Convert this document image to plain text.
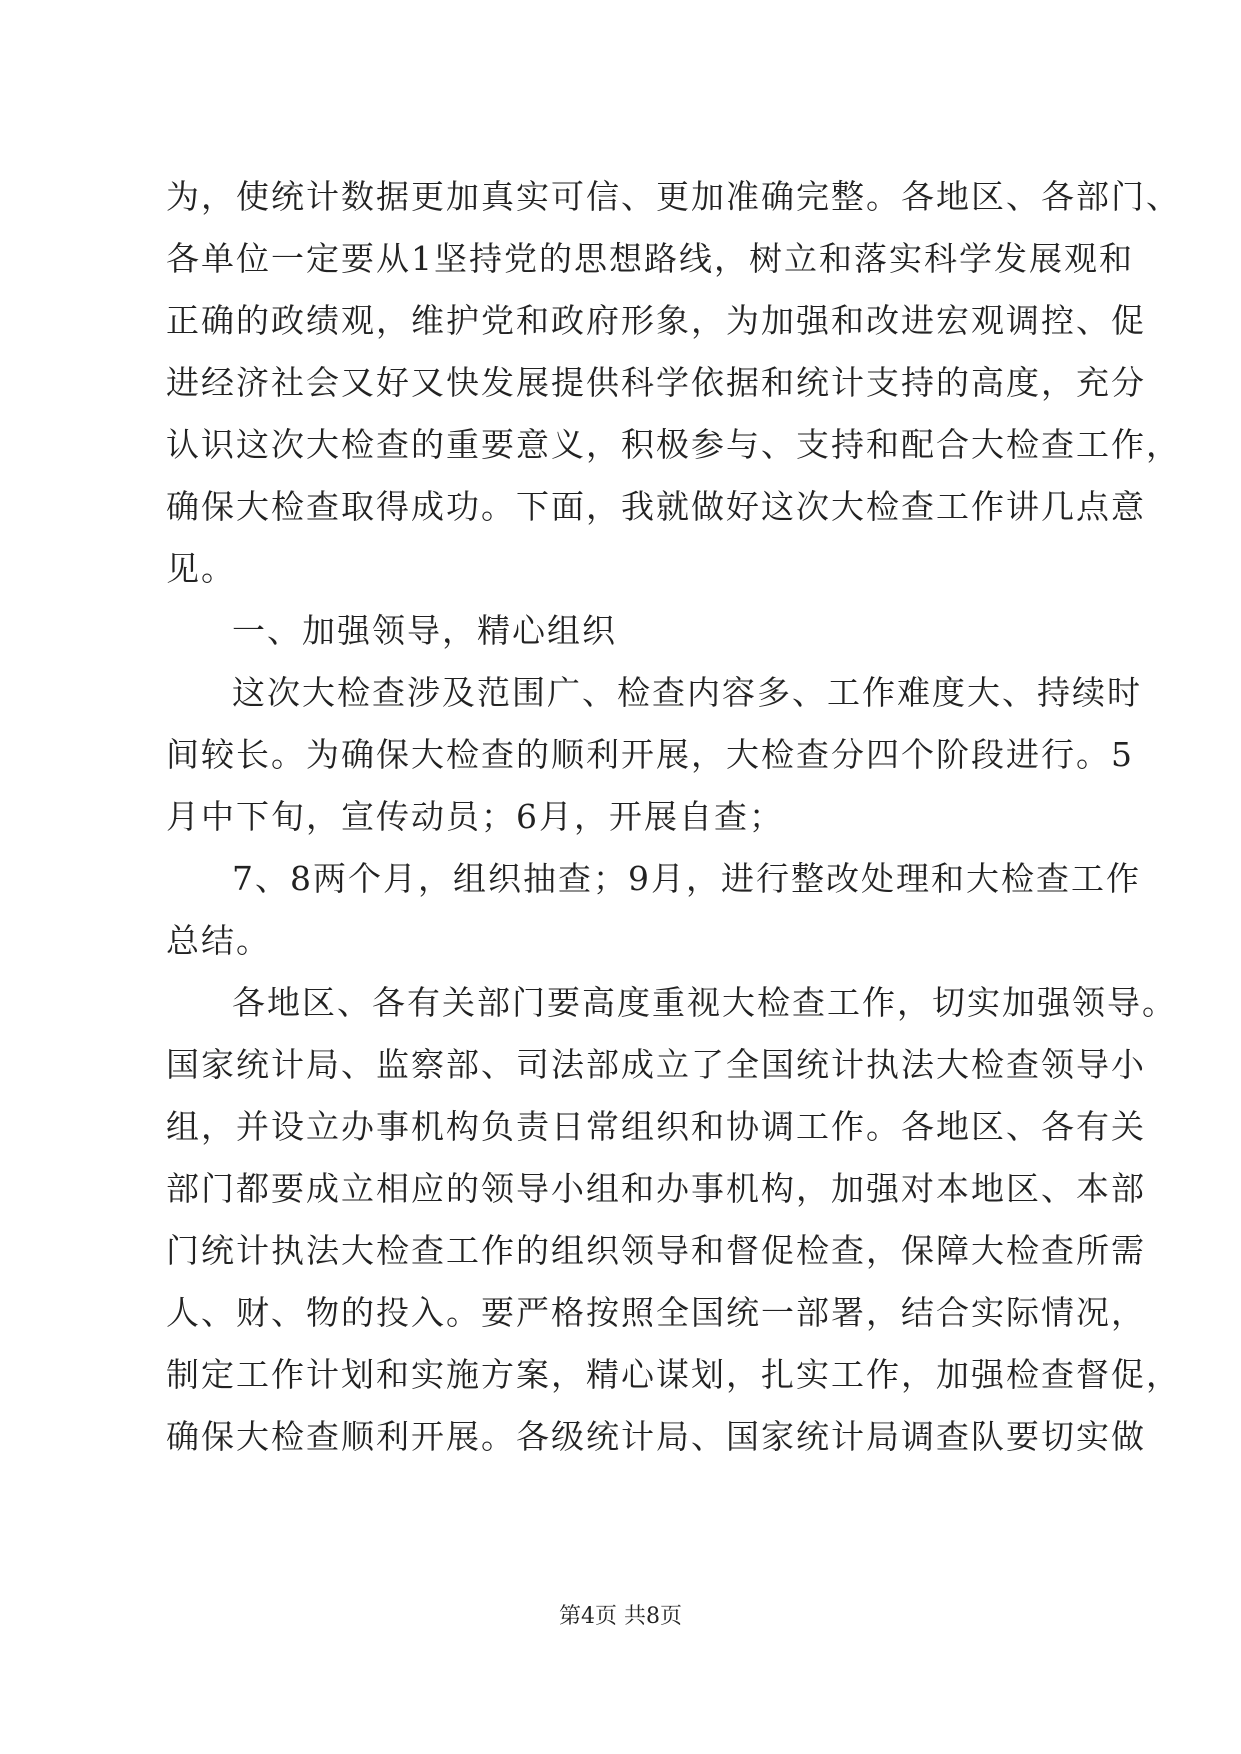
为，使统计数据更加真实可信、更加准确完整。各地区、各部门、
各单位一定要从1坚持党的思想路线，树立和落实科学发展观和
正确的政绩观，维护党和政府形象，为加强和改进宏观调控、促
进经济社会又好又快发展提供科学依据和统计支持的高度，充分
认识这次大检查的重要意义，积极参与、支持和配合大检查工作，
确保大检查取得成功。下面，我就做好这次大检查工作讲几点意
见。
一、加强领导，精心组织
这次大检查涉及范围广、检查内容多、工作难度大、持续时
间较长。为确保大检查的顺利开展，大检查分四个阶段进行。5
月中下旬，宣传动员；6月，开展自查；
7、8两个月，组织抽查；9月，进行整改处理和大检查工作
总结。
各地区、各有关部门要高度重视大检查工作，切实加强领导。
国家统计局、监察部、司法部成立了全国统计执法大检查领导小
组，并设立办事机构负责日常组织和协调工作。各地区、各有关
部门都要成立相应的领导小组和办事机构，加强对本地区、本部
门统计执法大检查工作的组织领导和督促检查，保障大检查所需
人、财、物的投入。要严格按照全国统一部署，结合实际情况，
制定工作计划和实施方案，精心谋划，扎实工作，加强检查督促，
确保大检查顺利开展。各级统计局、国家统计局调查队要切实做
第4页 共8页
